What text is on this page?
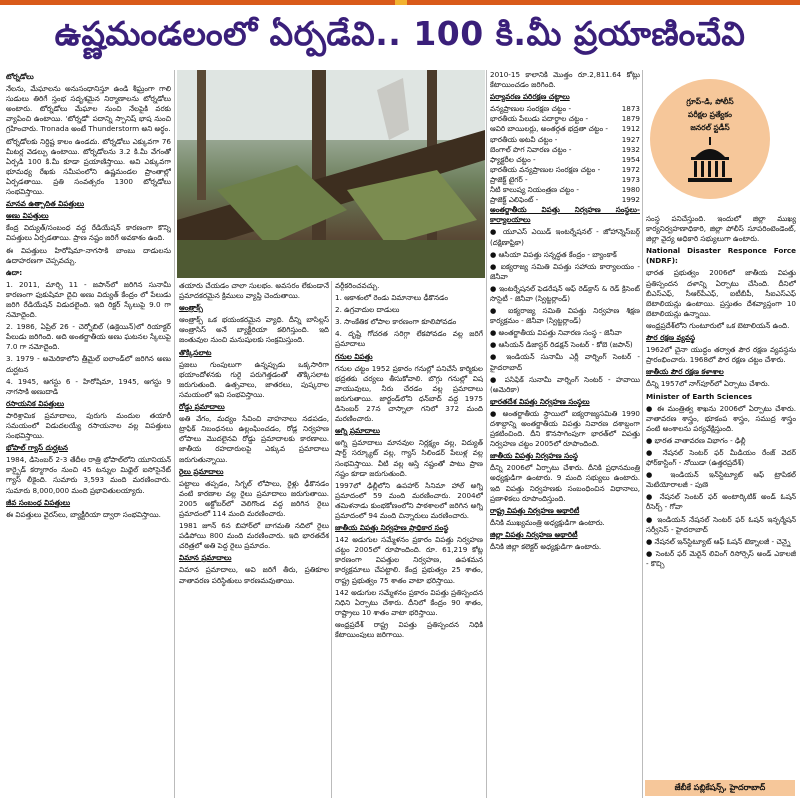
ఉష్ణమండలంలో ఏర్పడేవి.. 100 కి.మీ ప్రయాణించేవి

టోర్నడోలు

నేలను, మేఘాలను అనుసంధానిస్తూ ఉండి శీఘ్రంగా గాలి సుడులు తిరిగే స్తంభ సదృశమైన నిర్మాణాలను టోర్నడోలు అంటారు. టోర్నడోలు మేఘాల నుంచి నేలపైకి వరకు వ్యాపించి ఉంటాయి. 'టోర్నడో' పదాన్ని స్పానిష్ భాష నుంచి గ్రహించారు. Tronada అంటే Thunderstorm అని అర్థం.

టోర్నడోలకు నిర్దిష్ట కాలం ఉండదు. టోర్నడోలు ఎక్కువగా 76 మీటర్ల వెడల్పు ఉంటాయి. టోర్నడోలను 3.2 కి.మీ వేగంతో ఏర్పడి 100 కి.మీ కూడా ప్రయాణిస్తాయి. అవి ఎక్కువగా భూమధ్య రేఖకు సమీపంలోని ఉష్ణమండల ప్రాంతాల్లో ఏర్పడతాయి. ప్రతి సంవత్సరం 1300 టోర్నడోలు సంభవిస్తాయి.

మానవ ఉత్పాదిత విపత్తులు

అణు విపత్తులు

కేంద్ర విద్యుత్/సంబంధ వద్ద రేడియేషన్ కారణంగా కొన్ని విపత్తులు ఏర్పడతాయి. ప్రాణ నష్టం జరిగే అవకాశం ఉంది.

ఈ విపత్తులు హిరోషిమా-నాగసాకి బాంబు దాడులను ఉదాహరణగా చెప్పవచ్చు.

ఉదా:

1. 2011, మార్చి 11 - జపాన్‌లో జరిగిన సునామీ కారణంగా ఫుకుషిమా దైచి అణు విద్యుత్ కేంద్రం లో పేలుడు జరిగి రేడియేషన్ విడుదలైంది. ఇది రిక్టర్ స్కేలుపై 9.0 గా నమోదైంది.

2. 1986, ఏప్రిల్ 26 - చెర్నోబిల్ (ఉక్రెయిన్)లో రియాక్టర్ పేలుడు జరిగింది. అది అంతర్జాతీయ అణు ఘటనల స్కేలుపై 7.0 గా నమోదైంది.

3. 1979 - అమెరికాలోని త్రీమైల్ ఐలాండ్‌లో జరిగిన అణు దుర్ఘటన

4. 1945, ఆగస్టు 6 - హిరోషిమా, 1945, ఆగస్టు 9 నాగసాకి అణుదాడి

రసాయనిక విపత్తులు

పారిశ్రామిక ప్రమాదాలు, పురుగు మందుల తయారీ సమయంలో విడుదలయ్యే రసాయనాల వల్ల విపత్తులు సంభవిస్తాయి.

భోపాల్ గ్యాస్ దుర్ఘటన

1984, డిసెంబర్ 2-3 తేదీల రాత్రి భోపాల్‌లోని యూనియన్ కార్బైడ్ కర్మాగారం నుంచి 45 టన్నుల మిథైల్ ఐసోసైనేట్ గ్యాస్ లీకైంది. సుమారు 3,593 మంది మరణించారు. సుమారు 8,000,000 మంది ప్రభావితులయ్యారు.

జీవ సంబంధ విపత్తులు

ఈ విపత్తులు వైరస్‌లు, బ్యాక్టీరియా ద్వారా సంభవిస్తాయి.

తయారు చేయడం చాలా సులభం. అవసరం లేకుండానే ప్రమాదకరమైన క్రిములు వ్యాప్తి చెందుతాయి.

ఆంత్రాక్స్

ఆంత్రాక్స్ ఒక భయంకరమైన వ్యాధి. దీన్ని బాసిల్లస్ ఆంత్రాసిస్ అనే బ్యాక్టీరియా కలిగిస్తుంది. ఇది జంతువుల నుంచి మనుషులకు సంక్రమిస్తుంది.

తొక్కిసలాట

ప్రజలు గుంపులుగా ఉన్నప్పుడు ఒక్కసారిగా భయాందోళనకు గురై పరుగెత్తడంతో తొక్కిసలాట జరుగుతుంది. ఉత్సవాలు, జాతరలు, పుష్కరాల సమయంలో ఇవి సంభవిస్తాయి.

రోడ్డు ప్రమాదాలు

అతి వేగం, మద్యం సేవించి వాహనాలు నడపడం, ట్రాఫిక్ నిబంధనలు ఉల్లంఘించడం, రోడ్ల నిర్వహణ లోపాలు మొదలైనవి రోడ్డు ప్రమాదాలకు కారణాలు. జాతీయ రహదారులపై ఎక్కువ ప్రమాదాలు జరుగుతున్నాయి.

రైలు ప్రమాదాలు

పట్టాలు తప్పడం, సిగ్నల్ లోపాలు, రైళ్లు ఢీకొనడం వంటి కారణాల వల్ల రైలు ప్రమాదాలు జరుగుతాయి. 2005 అక్టోబర్‌లో వెలిగొండ వద్ద జరిగిన రైలు ప్రమాదంలో 114 మంది మరణించారు.

1981 జూన్ 6న బిహార్‌లో బాగమతి నదిలో రైలు పడిపోయి 800 మంది మరణించారు. ఇది భారతదేశ చరిత్రలో అతి పెద్ద రైలు ప్రమాదం.

విమాన ప్రమాదాలు

విమాన ప్రమాదాలు, అవి జరిగే తీరు, ప్రతికూల వాతావరణ పరిస్థితులు కారణమవుతాయి.

వర్గీకరించవచ్చు.

1. ఆకాశంలో రెండు విమానాలు ఢీకొనడం

2. ఉగ్రవాదుల దాడులు

3. సాంకేతిక లోపాల కారణంగా కూలిపోవడం

4. దృష్టి గోచరత సరిగ్గా లేకపోవడం వల్ల జరిగే ప్రమాదాలు

గనుల విపత్తు

గనుల చట్టం 1952 ప్రకారం గనుల్లో పనిచేసే కార్మికుల భద్రతకు చర్యలు తీసుకోవాలి. బొగ్గు గనుల్లో విష వాయువులు, నీరు చేరడం వల్ల ప్రమాదాలు జరుగుతాయి. జార్ఖండ్‌లోని ధన్‌బాద్ వద్ద 1975 డిసెంబర్ 27న చాస్నాలా గనిలో 372 మంది మరణించారు.

అగ్ని ప్రమాదాలు

అగ్ని ప్రమాదాలు మానవుల నిర్లక్ష్యం వల్ల, విద్యుత్ షార్ట్ సర్క్యూట్ వల్ల, గ్యాస్ సిలిండర్ పేలుళ్ల వల్ల సంభవిస్తాయి. వీటి వల్ల ఆస్తి నష్టంతో పాటు ప్రాణ నష్టం కూడా జరుగుతుంది.

1997లో ఢిల్లీలోని ఉపహార్ సినిమా హాల్ అగ్ని ప్రమాదంలో 59 మంది మరణించారు. 2004లో తమిళనాడు కుంభకోణంలోని పాఠశాలలో జరిగిన అగ్ని ప్రమాదంలో 94 మంది చిన్నారులు మరణించారు.

జాతీయ విపత్తు నిర్వహణ ప్రాధికార సంస్థ

142 అడుగుల సమ్మేళనం ప్రకారం విపత్తు నిర్వహణ చట్టం 2005లో రూపొందింది. రూ. 61,219 కోట్ల కారణంగా విపత్తుల నిర్వహణ, ఉపశమన కార్యక్రమాలు చేపట్టాలి. కేంద్ర ప్రభుత్వం 25 శాతం, రాష్ట్ర ప్రభుత్వం 75 శాతం వాటా భరిస్తాయి.

142 అడుగుల సమ్మేళనం ప్రకారం విపత్తు ప్రతిస్పందన నిధిని ఏర్పాటు చేశారు. దీనిలో కేంద్రం 90 శాతం, రాష్ట్రాలు 10 శాతం వాటా భరిస్తాయి.

ఆంధ్రప్రదేశ్ రాష్ట్ర విపత్తు ప్రతిస్పందన నిధికి కేటాయింపులు జరిగాయి.

2010-15 కాలానికి మొత్తం రూ.2,811.64 కోట్లు కేటాయించడం జరిగింది.

పర్యావరణ పరిరక్షణ చట్టాలు

వన్యప్రాణుల సంరక్షణ చట్టం -	1873
భారతీయ పేలుడు పదార్థాల చట్టం -	1879
ఆవిరి బాయిలర్లు, అంతర్గత భద్రతా చట్టం -	1912
భారతీయ అటవీ చట్టం -	1927
బెంగాల్ పొగ నివారణ చట్టం -	1932
ఫ్యాక్టరీల చట్టం -	1954
భారతీయ వన్యప్రాణుల సంరక్షణ చట్టం -	1972
ప్రాజెక్ట్ టైగర్ -	1973
నీటి కాలుష్య నియంత్రణ చట్టం -	1980
ప్రాజెక్ట్ ఎలిఫెంట్ -	1992

అంతర్జాతీయ విపత్తు నిర్వహణ సంస్థలు-కార్యాలయాలు

● యూఎస్ ఎయిడ్ ఇంటర్నేషనల్ - జోహాన్నెస్‌బర్గ్ (దక్షిణాఫ్రికా)

● ఆసియా విపత్తు సన్నద్ధత కేంద్రం - బ్యాంకాక్

● ఐక్యరాజ్య సమితి విపత్తు సహాయ కార్యాలయం - జెనీవా

● ఇంటర్నేషనల్ ఫెడరేషన్ ఆఫ్ రెడ్‌క్రాస్ & రెడ్ క్రిసెంట్ సొసైటీ - జెనీవా (స్విట్జర్లాండ్)

● ఐక్యరాజ్య సమితి విపత్తు నిర్వహణ శిక్షణ కార్యక్రమం - జెనీవా (స్విట్జర్లాండ్)

● అంతర్జాతీయ విపత్తు నివారణ సంస్థ - జెనీవా

● ఆసియన్ డిజాస్టర్ రిడక్షన్ సెంటర్ - కోబె (జపాన్)

● ఇండియన్ సునామీ ఎర్లీ వార్నింగ్ సెంటర్ - హైదరాబాద్

● పసిఫిక్ సునామీ వార్నింగ్ సెంటర్ - హవాయి (అమెరికా)

భారతదేశ విపత్తు నిర్వహణ సంస్థలు

● అంతర్జాతీయ స్థాయిలో ఐక్యరాజ్యసమితి 1990 దశాబ్దాన్ని అంతర్జాతీయ విపత్తు నివారణ దశాబ్దంగా ప్రకటించింది. దీని కొనసాగింపుగా భారత్‌లో విపత్తు నిర్వహణ చట్టం 2005లో రూపొందింది.

జాతీయ విపత్తు నిర్వహణ సంస్థ

దీన్ని 2006లో ఏర్పాటు చేశారు. దీనికి ప్రధానమంత్రి అధ్యక్షుడిగా ఉంటారు. 9 మంది సభ్యులు ఉంటారు. ఇది విపత్తు నిర్వహణకు సంబంధించిన విధానాలు, ప్రణాళికలు రూపొందిస్తుంది.

రాష్ట్ర విపత్తు నిర్వహణ అథారిటీ

దీనికి ముఖ్యమంత్రి అధ్యక్షుడిగా ఉంటారు.

జిల్లా విపత్తు నిర్వహణ అథారిటీ

దీనికి జిల్లా కలెక్టర్ అధ్యక్షుడిగా ఉంటారు.

గ్రూప్-డి, పోలీస్
పరీక్షల ప్రత్యేకం
జనరల్ స్టడీస్

సంస్థ పనిచేస్తుంది. ఇందులో జిల్లా ముఖ్య కార్యనిర్వహణాధికారి, జిల్లా పోలీస్ సూపరింటెండెంట్, జిల్లా వైద్య అధికారి సభ్యులుగా ఉంటారు.

National Disaster Responce Force (NDRF):

భారత ప్రభుత్వం 2006లో జాతీయ విపత్తు ప్రతిస్పందన దళాన్ని ఏర్పాటు చేసింది. దీనిలో బీఎస్‌ఎఫ్, సీఆర్‌పీఎఫ్, ఐటీబీపీ, సీఐఎస్‌ఎఫ్ బెటాలియన్లు ఉంటాయి. ప్రస్తుతం దేశవ్యాప్తంగా 10 బెటాలియన్లు ఉన్నాయి.

ఆంధ్రప్రదేశ్‌లోని గుంటూరులో ఒక బెటాలియన్ ఉంది.

పౌర రక్షణ వ్యవస్థ

1962లో చైనా యుద్ధం తర్వాత పౌర రక్షణ వ్యవస్థను ప్రారంభించారు. 1968లో పౌర రక్షణ చట్టం చేశారు.

జాతీయ పౌర రక్షణ కళాశాల

దీన్ని 1957లో నాగ్‌పూర్‌లో ఏర్పాటు చేశారు.

Minister of Earth Sciences

● ఈ మంత్రిత్వ శాఖను 2006లో ఏర్పాటు చేశారు. వాతావరణ శాస్త్రం, భూకంప శాస్త్రం, సముద్ర శాస్త్రం వంటి అంశాలను పర్యవేక్షిస్తుంది.

● భారత వాతావరణ విభాగం - ఢిల్లీ

● నేషనల్ సెంటర్ ఫర్ మీడియం రేంజ్ వెదర్ ఫోర్‌కాస్టింగ్ - నోయిడా (ఉత్తరప్రదేశ్)

● ఇండియన్ ఇన్‌స్టిట్యూట్ ఆఫ్ ట్రాపికల్ మెటియోరాలజీ - పుణె

● నేషనల్ సెంటర్ ఫర్ అంటార్కిటిక్ అండ్ ఓషన్ రీసెర్చ్ - గోవా

● ఇండియన్ నేషనల్ సెంటర్ ఫర్ ఓషన్ ఇన్ఫర్మేషన్ సర్వీసెస్ - హైదరాబాద్

● నేషనల్ ఇన్‌స్టిట్యూట్ ఆఫ్ ఓషన్ టెక్నాలజీ - చెన్నై

● సెంటర్ ఫర్ మెరైన్ లివింగ్ రిసోర్సెస్ అండ్ ఎకాలజీ - కొచ్చి

జేబీకే పబ్లికేషన్స్, హైదరాబాద్
